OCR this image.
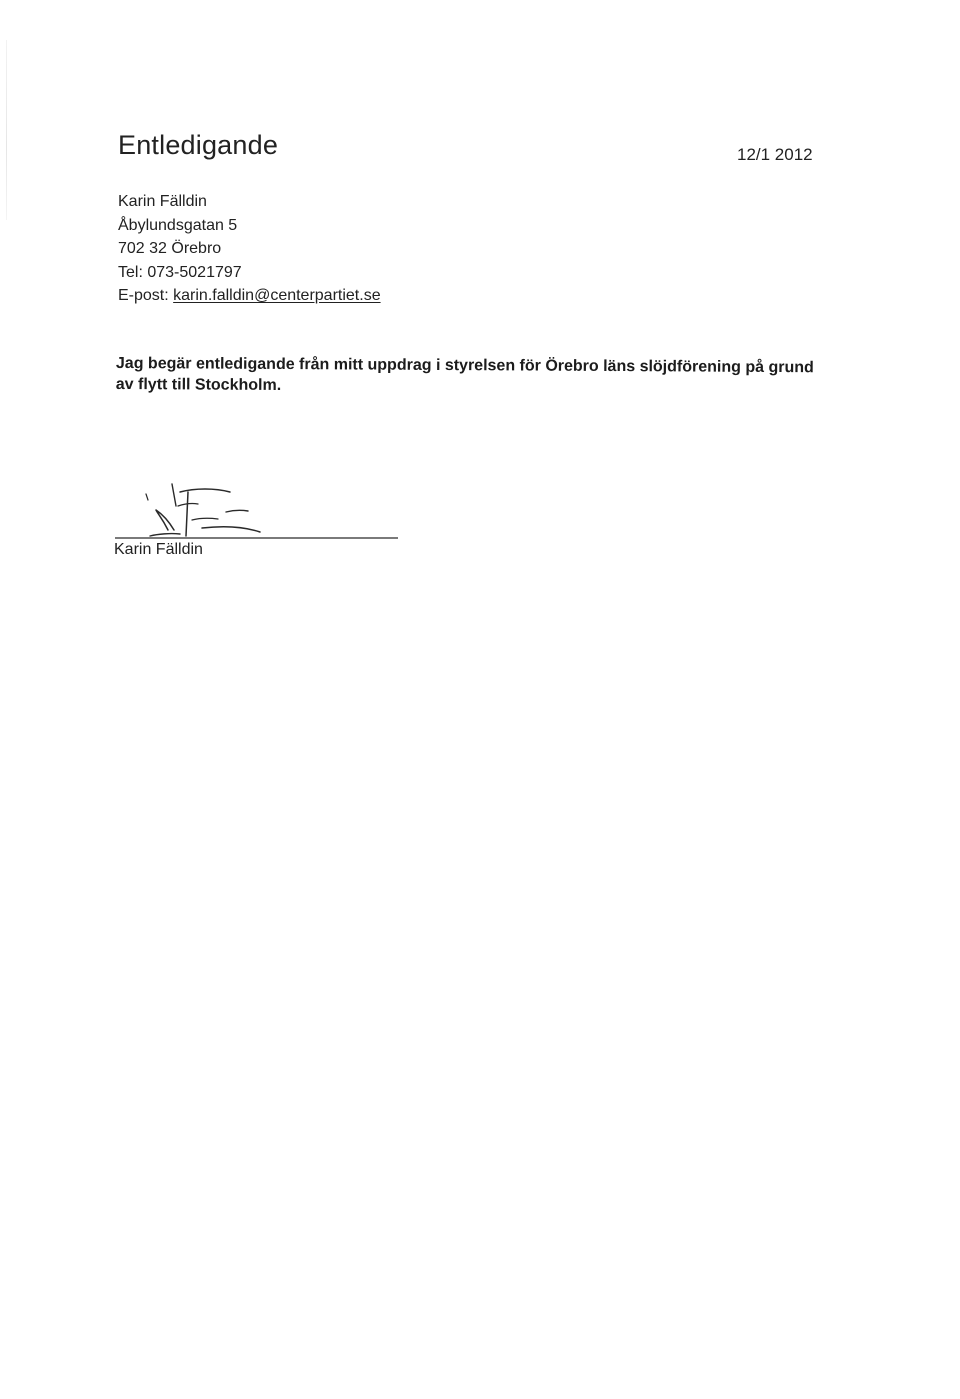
Entledigande	12/1 2012
Karin Fälldin
Åbylundsgatan 5
702 32 Örebro
Tel: 073-5021797
E-post: karin.falldin@centerpartiet.se
Jag begär entledigande från mitt uppdrag i styrelsen för Örebro läns slöjdförening på grund av flytt till Stockholm.
Karin Fälldin
